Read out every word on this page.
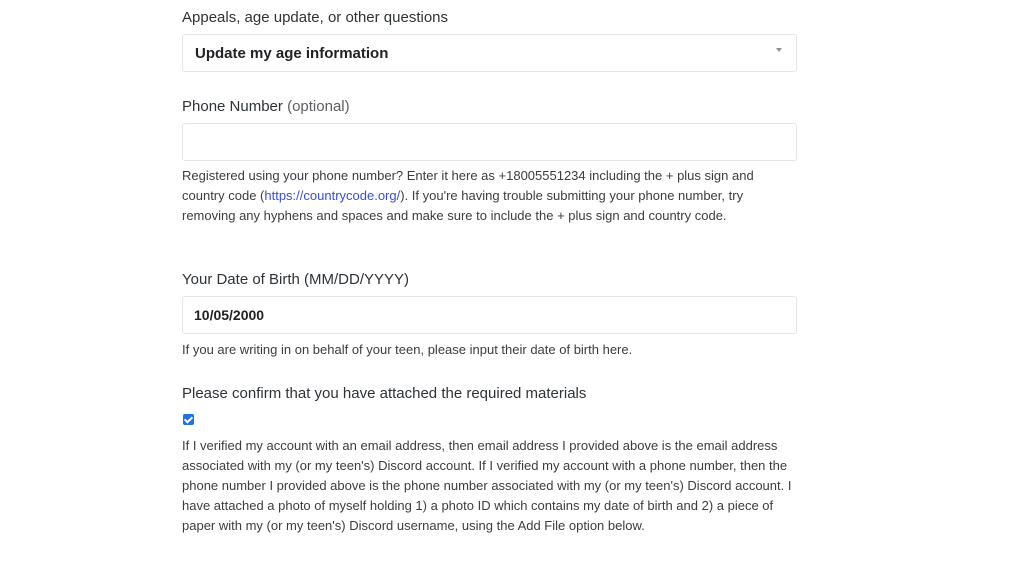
Appeals, age update, or other questions

Update my age information

Phone Number (optional)

Registered using your phone number? Enter it here as +18005551234 including the + plus sign and country code (https://countrycode.org/). If you're having trouble submitting your phone number, try removing any hyphens and spaces and make sure to include the + plus sign and country code.

Your Date of Birth (MM/DD/YYYY)

10/05/2000

If you are writing in on behalf of your teen, please input their date of birth here.

Please confirm that you have attached the required materials

If I verified my account with an email address, then email address I provided above is the email address associated with my (or my teen's) Discord account. If I verified my account with a phone number, then the phone number I provided above is the phone number associated with my (or my teen's) Discord account. I have attached a photo of myself holding 1) a photo ID which contains my date of birth and 2) a piece of paper with my (or my teen's) Discord username, using the Add File option below.
